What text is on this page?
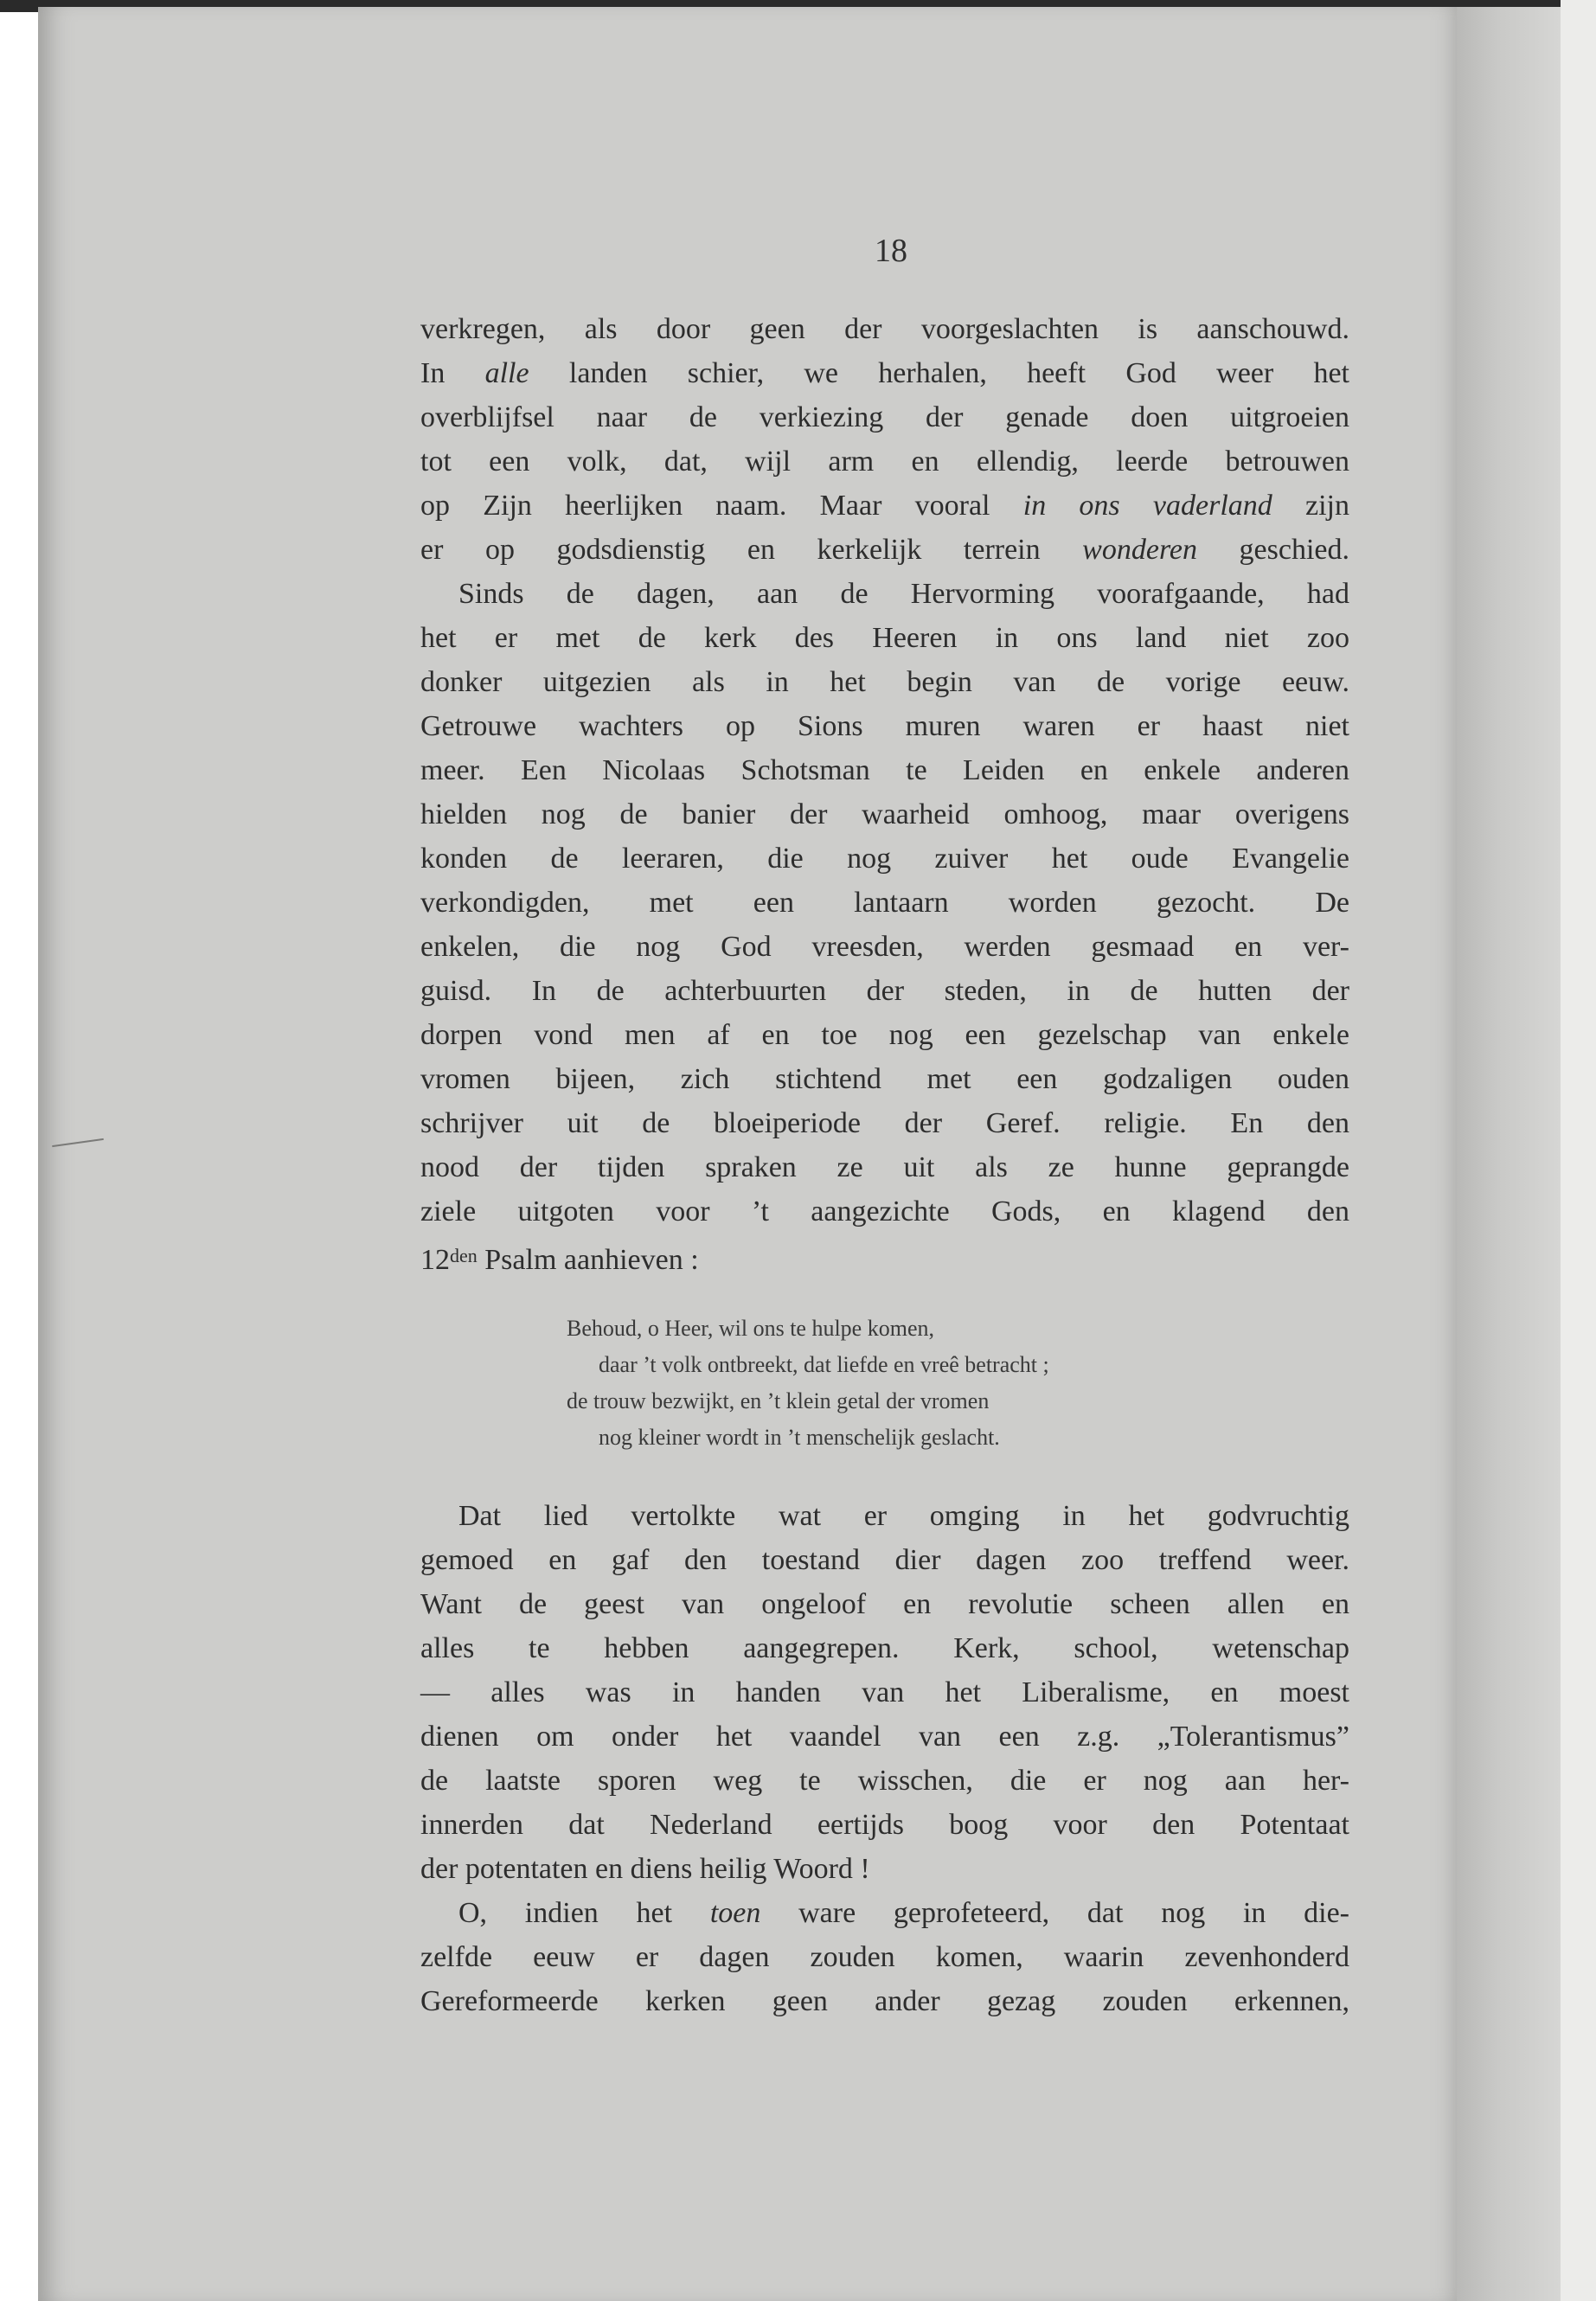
18
verkregen, als door geen der voorgeslachten is aanschouwd.
In alle landen schier, we herhalen, heeft God weer het
overblijfsel naar de verkiezing der genade doen uitgroeien
tot een volk, dat, wijl arm en ellendig, leerde betrouwen
op Zijn heerlijken naam. Maar vooral in ons vaderland zijn
er op godsdienstig en kerkelijk terrein wonderen geschied.
Sinds de dagen, aan de Hervorming voorafgaande, had
het er met de kerk des Heeren in ons land niet zoo
donker uitgezien als in het begin van de vorige eeuw.
Getrouwe wachters op Sions muren waren er haast niet
meer. Een Nicolaas Schotsman te Leiden en enkele anderen
hielden nog de banier der waarheid omhoog, maar overigens
konden de leeraren, die nog zuiver het oude Evangelie
verkondigden, met een lantaarn worden gezocht. De
enkelen, die nog God vreesden, werden gesmaad en ver-
guisd. In de achterbuurten der steden, in de hutten der
dorpen vond men af en toe nog een gezelschap van enkele
vromen bijeen, zich stichtend met een godzaligen ouden
schrijver uit de bloeiperiode der Geref. religie. En den
nood der tijden spraken ze uit als ze hunne geprangde
ziele uitgoten voor ’t aangezichte Gods, en klagend den
$12^{den}$ Psalm aanhieven :
Behoud, o Heer, wil ons te hulpe komen,
daar ’t volk ontbreekt, dat liefde en vreê betracht ;
de trouw bezwijkt, en ’t klein getal der vromen
nog kleiner wordt in ’t menschelijk geslacht.
Dat lied vertolkte wat er omging in het godvruchtig
gemoed en gaf den toestand dier dagen zoo treffend weer.
Want de geest van ongeloof en revolutie scheen allen en
alles te hebben aangegrepen. Kerk, school, wetenschap
— alles was in handen van het Liberalisme, en moest
dienen om onder het vaandel van een z.g. „Tolerantismus”
de laatste sporen weg te wisschen, die er nog aan her-
innerden dat Nederland eertijds boog voor den Potentaat
der potentaten en diens heilig Woord !
O, indien het toen ware geprofeteerd, dat nog in die-
zelfde eeuw er dagen zouden komen, waarin zevenhonderd
Gereformeerde kerken geen ander gezag zouden erkennen,
